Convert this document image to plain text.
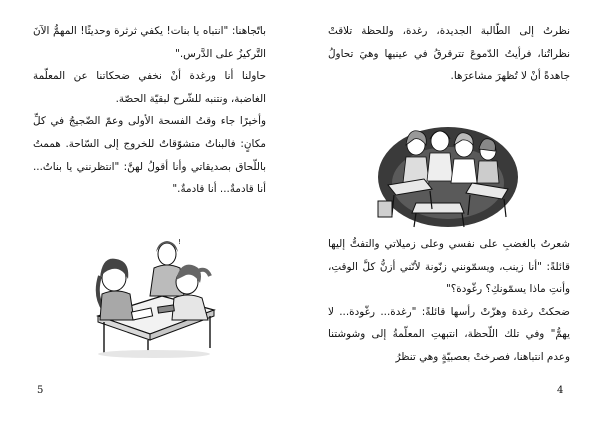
باتّجاهنا: "انتباه يا بنات! يكفي ثرثرة وحديثًا! المهمُّ الآنَ التَّركيزُ على الدَّرس."

حاولنا أنا ورغدة أنْ نخفي ضحكاتنا عن المعلّمة الغاضبة، ونتنبه للشّرح لبقيّة الحصّة.

وأخيرًا جاء وقتُ الفسحة الأولى وعمّ الضّجيجُ في كلِّ مكانٍ: فالبناتُ متشوّقاتٌ للخروج إلى السّاحة. هممتُ باللّحاق بصديقاتي وأنا أقولُ لهنَّ: "انتظرنني يا بناتُ... أنا قادمةٌ... أنا قادمةٌ."

!
5

نظرتُ إلى الطّالبة الجديدة، رغدة، وللحظة تلاقتْ نظراتُنا، فرأيتُ الدّموعَ تترقرقُ في عينيها وهيَ تحاولُ جاهدةً أنْ لا تُظهرَ مشاعرَها.

شعرتُ بالغضبِ على نفسي وعلى زميلاتي والتفتُّ إليها قائلةً: "أنا زينب، ويسمّونني زنّونة لأنّني أزنُّ كلَّ الوقتِ، وأنتِ ماذا يسمّونكِ؟ رغّودة؟"

ضحكتْ رغدة وهزّتْ رأسها قائلةً: "رغدة... رغّودة... لا يهمُّ" وفي تلك اللّحظة، انتبهتِ المعلّمةُ إلى وشوشتنا وعدم انتباهنا، فصرختْ بعصبيّةٍ وهي تنظرُ

4
